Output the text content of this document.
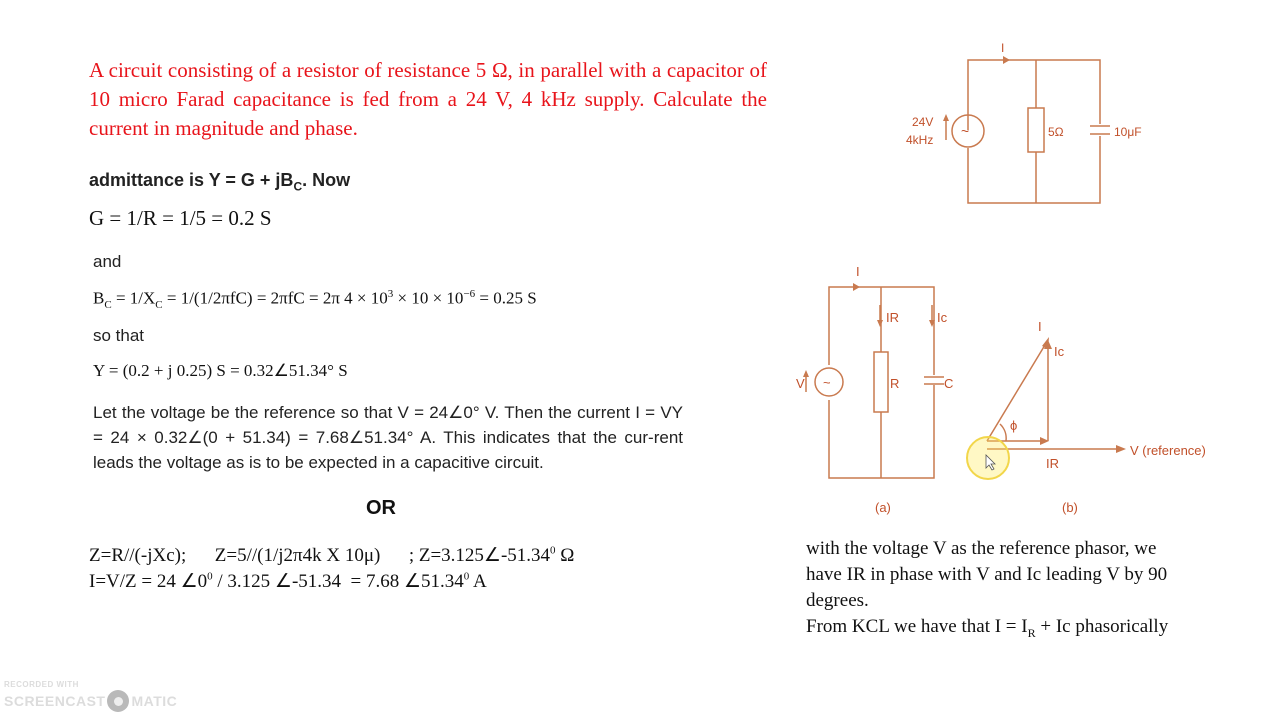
A circuit consisting of a resistor of resistance 5 Ω, in parallel with a capacitor of 10 micro Farad capacitance is fed from a 24 V, 4 kHz supply. Calculate the current in magnitude and phase.
admittance is $Y = G + jB_C$. Now
G = 1/R = 1/5 = 0.2 S
and
$B_C = 1/X_C = 1/(1/2\pi fC) = 2\pi fC = 2\pi$ $4 \times 10^3 \times 10 \times 10^{-6} = 0.25$ S
so that
Y = (0.2 + j 0.25) S = 0.32∠51.34° S
Let the voltage be the reference so that V = 24∠0° V. Then the current I = VY = 24 × 0.32∠(0 + 51.34) = 7.68∠51.34° A. This indicates that the cur-rent leads the voltage as is to be expected in a capacitive circuit.
OR
Z=R//(-jXc);      Z=5//(1/j2π4k X 10μ)      ; $Z=3.125\angle-51.34^0$ Ω
I=V/Z = 24 $\angle 0^0 / 3.125$ ∠-51.34  = 7.68 ∠51.34$^0$ A
with the voltage V as the reference phasor, we
have IR in phase with V and Ic leading V by 90
degrees.
From KCL we have that $I = I_R + Ic$ phasorically
~
I
24V
4kHz
5Ω	10μF
~
I
IR	Ic
V	R	C
(a)
I
Ic
ϕ
IR
V (reference)
(b)
RECORDED WITH
SCREENCAST MATIC
